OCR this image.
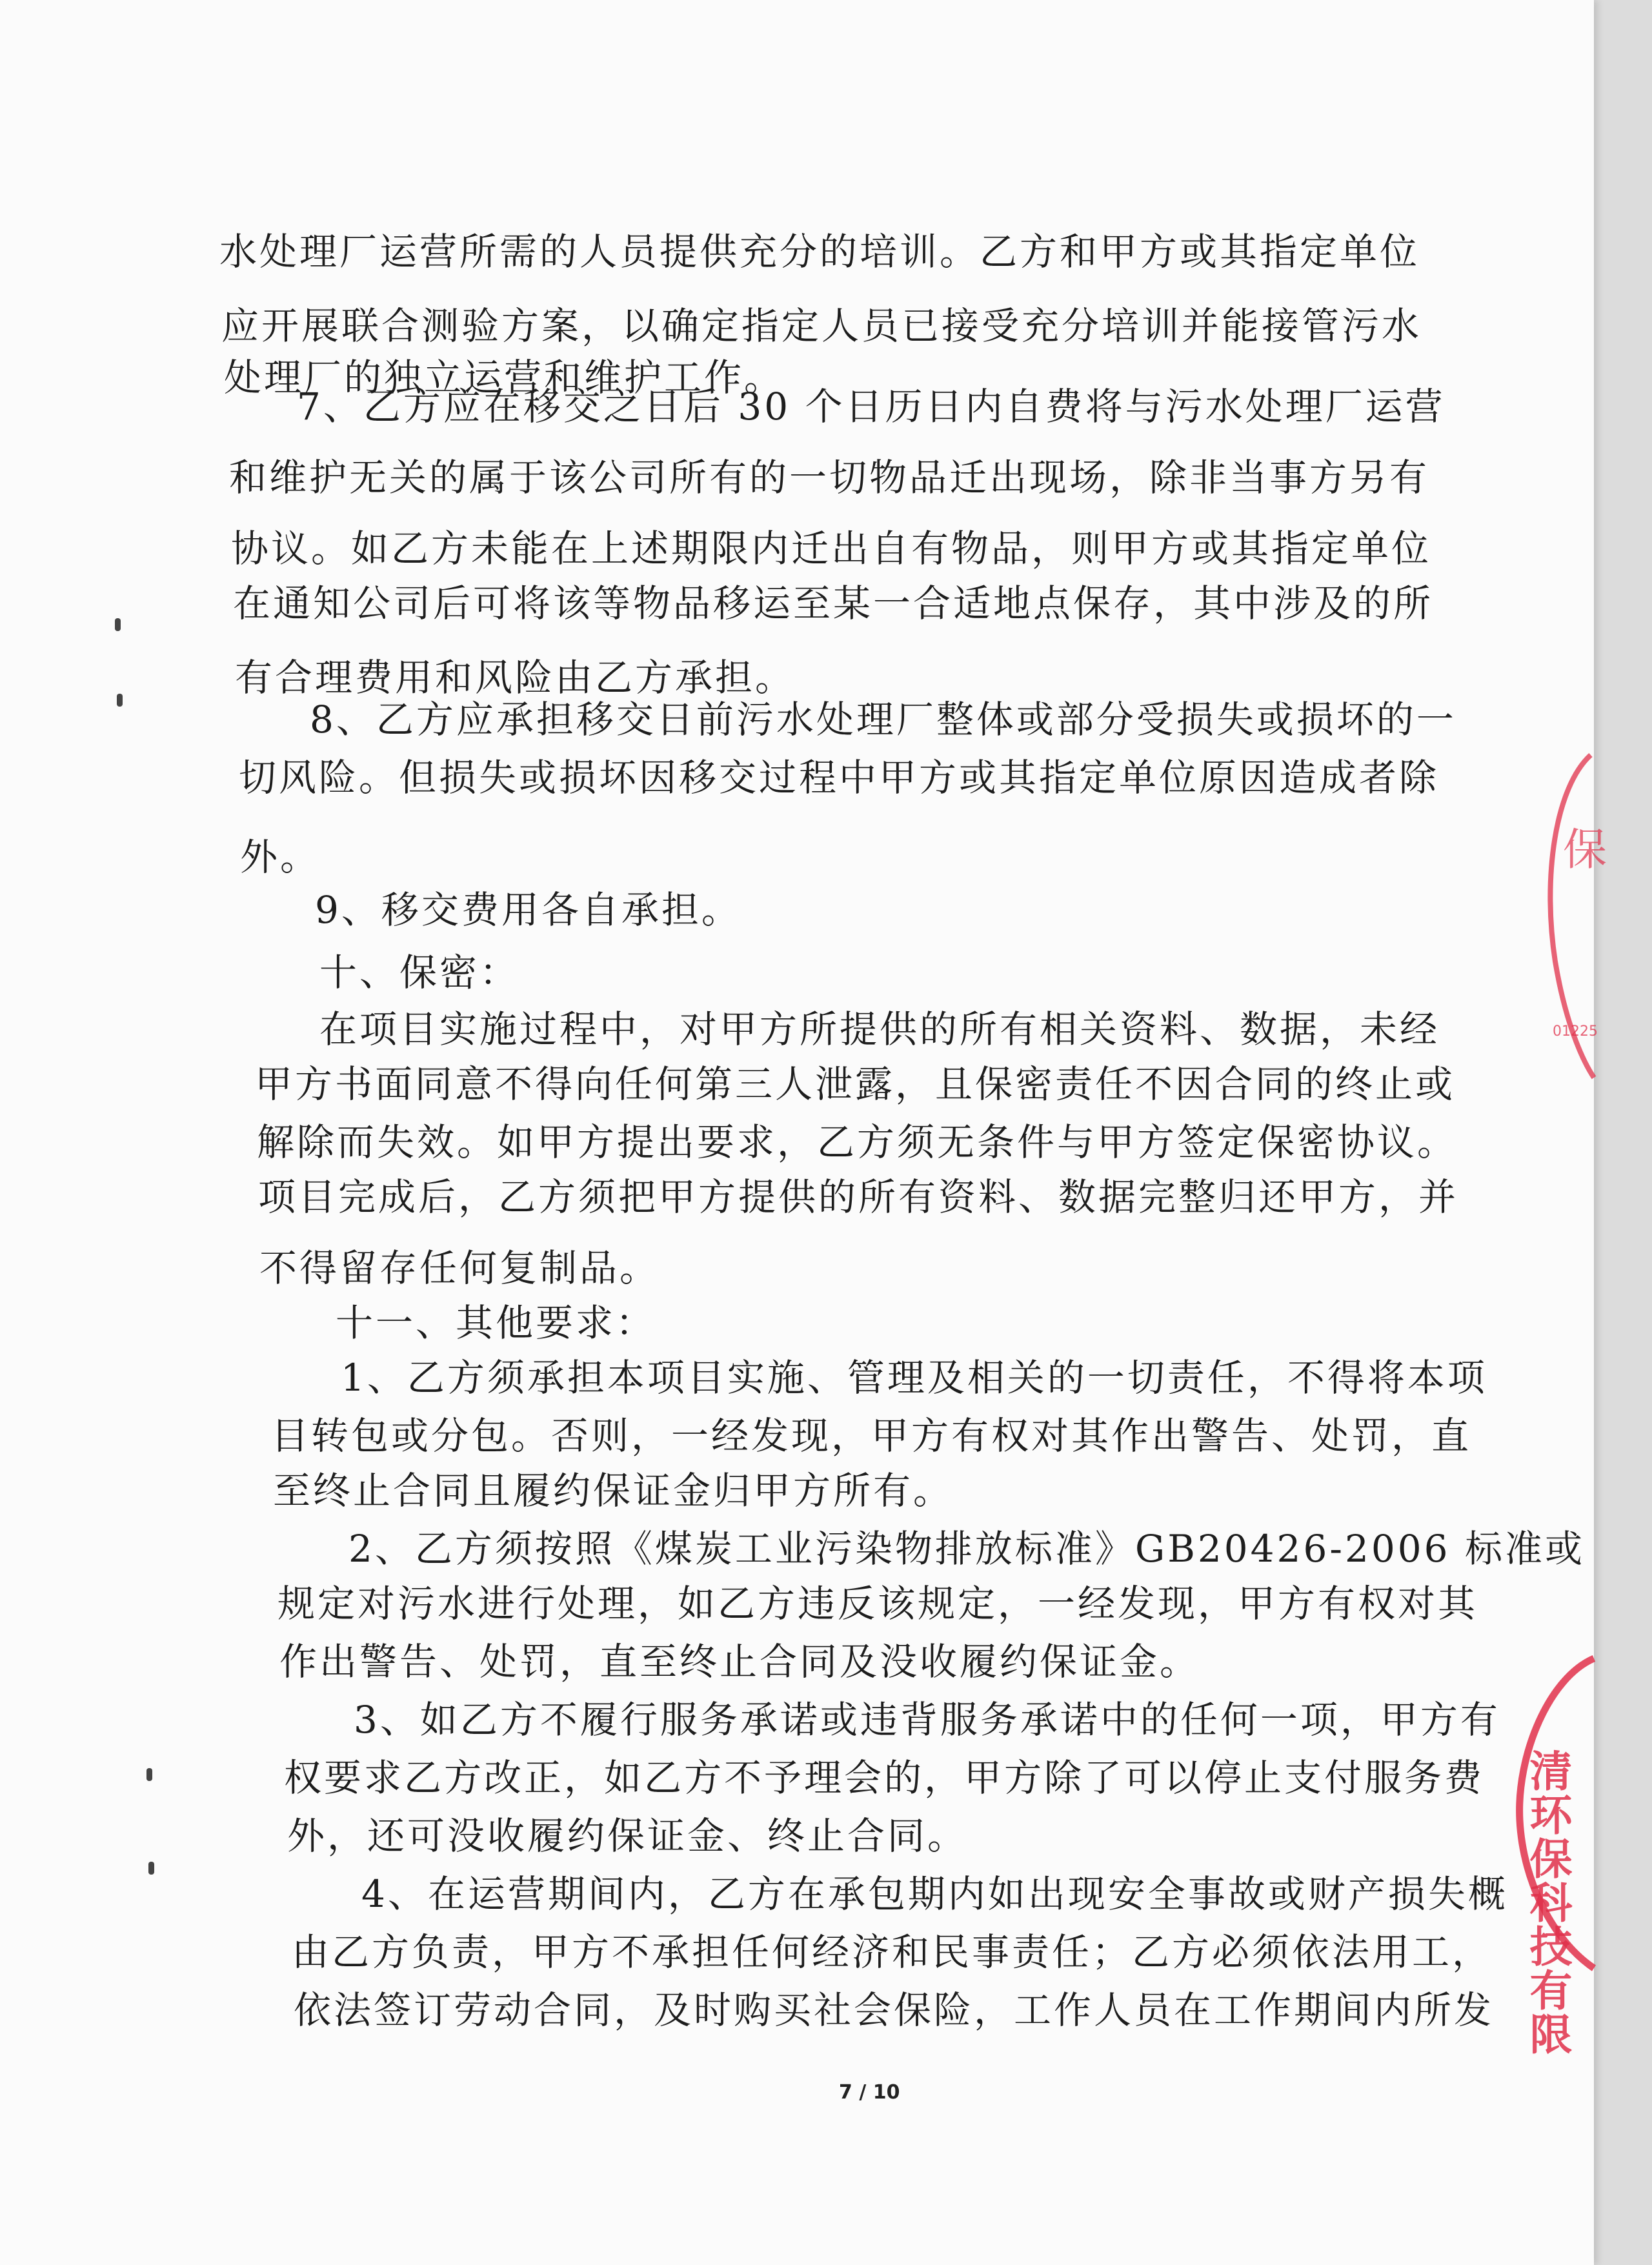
水处理厂运营所需的人员提供充分的培训。乙方和甲方或其指定单位
应开展联合测验方案，以确定指定人员已接受充分培训并能接管污水
处理厂的独立运营和维护工作。
7、乙方应在移交之日后 30 个日历日内自费将与污水处理厂运营
和维护无关的属于该公司所有的一切物品迁出现场，除非当事方另有
协议。如乙方未能在上述期限内迁出自有物品，则甲方或其指定单位
在通知公司后可将该等物品移运至某一合适地点保存，其中涉及的所
有合理费用和风险由乙方承担。
8、乙方应承担移交日前污水处理厂整体或部分受损失或损坏的一
切风险。但损失或损坏因移交过程中甲方或其指定单位原因造成者除
外。
9、移交费用各自承担。
十、保密：
在项目实施过程中，对甲方所提供的所有相关资料、数据，未经
甲方书面同意不得向任何第三人泄露，且保密责任不因合同的终止或
解除而失效。如甲方提出要求，乙方须无条件与甲方签定保密协议。
项目完成后，乙方须把甲方提供的所有资料、数据完整归还甲方，并
不得留存任何复制品。
十一、其他要求：
1、乙方须承担本项目实施、管理及相关的一切责任，不得将本项
目转包或分包。否则，一经发现，甲方有权对其作出警告、处罚，直
至终止合同且履约保证金归甲方所有。
2、乙方须按照《煤炭工业污染物排放标准》GB20426-2006 标准或
规定对污水进行处理，如乙方违反该规定，一经发现，甲方有权对其
作出警告、处罚，直至终止合同及没收履约保证金。
3、如乙方不履行服务承诺或违背服务承诺中的任何一项，甲方有
权要求乙方改正，如乙方不予理会的，甲方除了可以停止支付服务费
外，还可没收履约保证金、终止合同。
4、在运营期间内，乙方在承包期内如出现安全事故或财产损失概
由乙方负责，甲方不承担任何经济和民事责任；乙方必须依法用工，
依法签订劳动合同，及时购买社会保险，工作人员在工作期间内所发
7 / 10
保
01225
清环保科技有限
